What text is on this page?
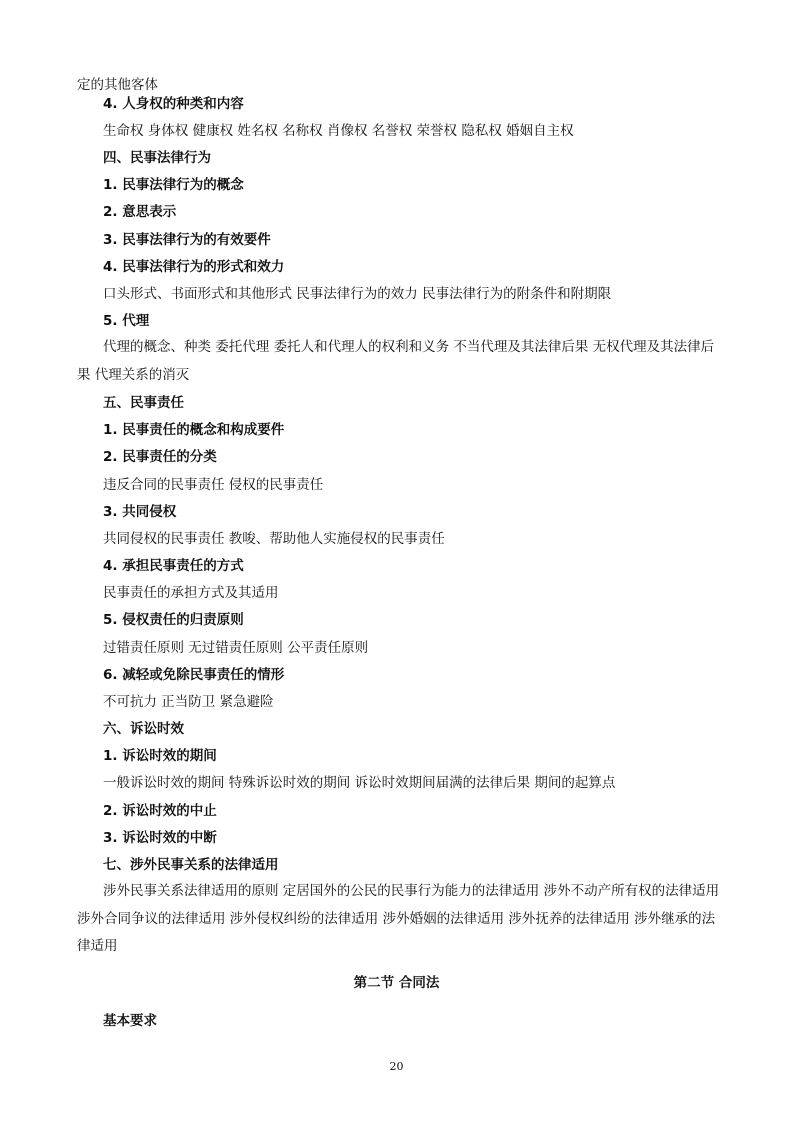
定的其他客体
4. 人身权的种类和内容
生命权 身体权 健康权 姓名权 名称权 肖像权 名誉权 荣誉权 隐私权 婚姻自主权
四、民事法律行为
1. 民事法律行为的概念
2. 意思表示
3. 民事法律行为的有效要件
4. 民事法律行为的形式和效力
口头形式、书面形式和其他形式 民事法律行为的效力 民事法律行为的附条件和附期限
5. 代理
代理的概念、种类 委托代理 委托人和代理人的权利和义务 不当代理及其法律后果 无权代理及其法律后果 代理关系的消灭
五、民事责任
1. 民事责任的概念和构成要件
2. 民事责任的分类
违反合同的民事责任 侵权的民事责任
3. 共同侵权
共同侵权的民事责任 教唆、帮助他人实施侵权的民事责任
4. 承担民事责任的方式
民事责任的承担方式及其适用
5. 侵权责任的归责原则
过错责任原则 无过错责任原则 公平责任原则
6. 减轻或免除民事责任的情形
不可抗力 正当防卫 紧急避险
六、诉讼时效
1. 诉讼时效的期间
一般诉讼时效的期间 特殊诉讼时效的期间 诉讼时效期间届满的法律后果 期间的起算点
2. 诉讼时效的中止
3. 诉讼时效的中断
七、涉外民事关系的法律适用
涉外民事关系法律适用的原则 定居国外的公民的民事行为能力的法律适用 涉外不动产所有权的法律适用 涉外合同争议的法律适用 涉外侵权纠纷的法律适用 涉外婚姻的法律适用 涉外抚养的法律适用 涉外继承的法律适用
第二节 合同法
基本要求
20
